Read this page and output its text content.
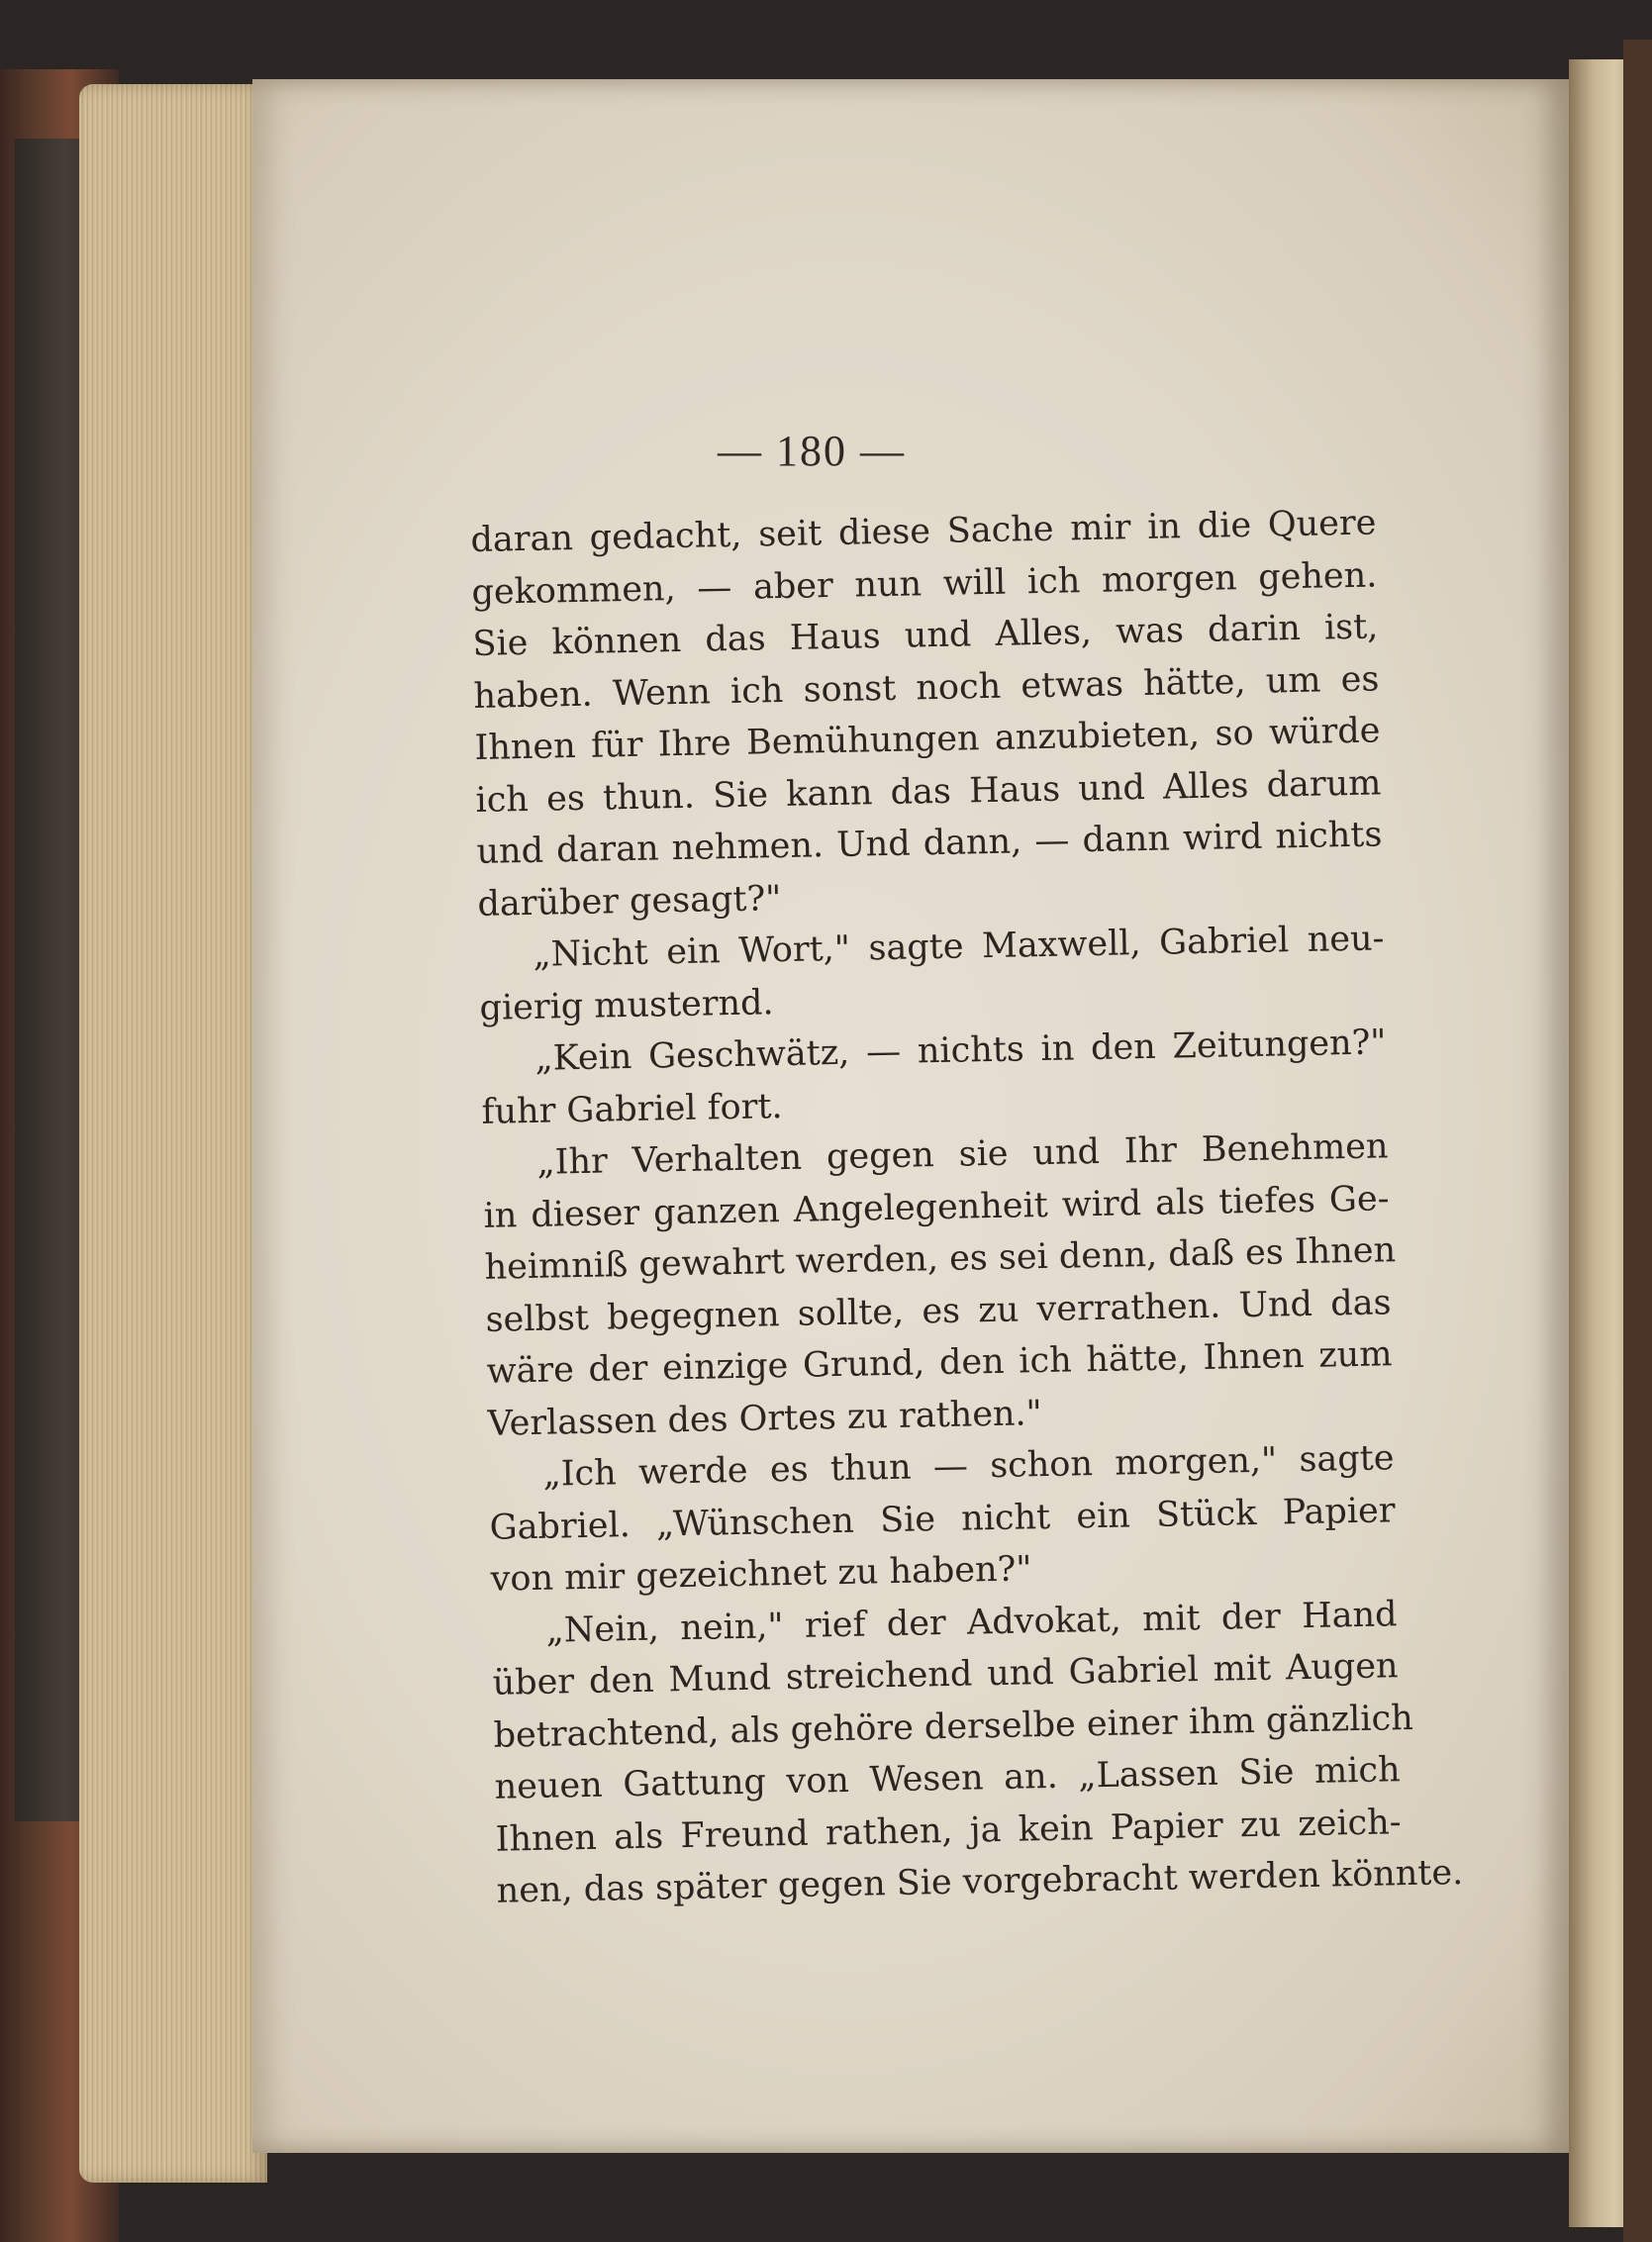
— 180 —
daran gedacht, seit diese Sache mir in die Quere
gekommen, — aber nun will ich morgen gehen.
Sie können das Haus und Alles, was darin ist,
haben. Wenn ich sonst noch etwas hätte, um es
Ihnen für Ihre Bemühungen anzubieten, so würde
ich es thun. Sie kann das Haus und Alles darum
und daran nehmen. Und dann, — dann wird nichts
darüber gesagt?"
„Nicht ein Wort," sagte Maxwell, Gabriel neu-
gierig musternd.
„Kein Geschwätz, — nichts in den Zeitungen?"
fuhr Gabriel fort.
„Ihr Verhalten gegen sie und Ihr Benehmen
in dieser ganzen Angelegenheit wird als tiefes Ge-
heimniß gewahrt werden, es sei denn, daß es Ihnen
selbst begegnen sollte, es zu verrathen. Und das
wäre der einzige Grund, den ich hätte, Ihnen zum
Verlassen des Ortes zu rathen."
„Ich werde es thun — schon morgen," sagte
Gabriel. „Wünschen Sie nicht ein Stück Papier
von mir gezeichnet zu haben?"
„Nein, nein," rief der Advokat, mit der Hand
über den Mund streichend und Gabriel mit Augen
betrachtend, als gehöre derselbe einer ihm gänzlich
neuen Gattung von Wesen an. „Lassen Sie mich
Ihnen als Freund rathen, ja kein Papier zu zeich-
nen, das später gegen Sie vorgebracht werden könnte.
